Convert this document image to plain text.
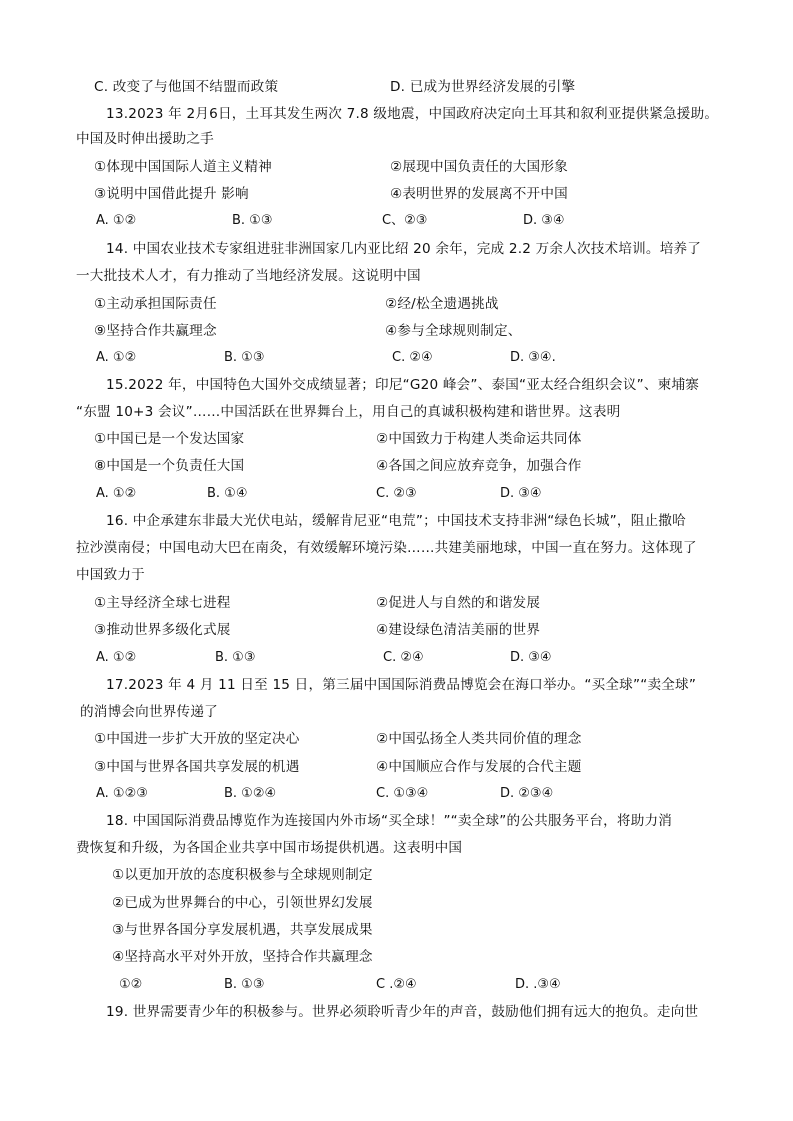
C. 改变了与他国不结盟而政策	D. 已成为世界经济发展的引擎
13.2023 年 2月6日，土耳其发生两次 7.8 级地震，中国政府决定向土耳其和叙利亚提供紧急援助。
中国及时伸出援助之手
①体现中国国际人道主义精神	②展现中国负责任的大国形象
③说明中国借此提升 影响	④表明世界的发展离不开中国
A. ①②	B. ①③	C、②③	D. ③④
14. 中国农业技术专家组进驻非洲国家几内亚比绍 20 余年，完成 2.2 万余人次技术培训。培养了
一大批技术人才，有力推动了当地经济发展。这说明中国
①主动承担国际责任	②经/松全遗遇挑战
⑨坚持合作共赢理念	④参与全球规则制定、
A. ①②	B. ①③	C. ②④	D. ③④.
15.2022 年，中国特色大国外交成绩显著；印尼“G20 峰会”、泰国“亚太经合组织会议”、柬埔寨
“东盟 10+3 会议”……中国活跃在世界舞台上，用自己的真诚积极构建和谐世界。这表明
①中国已是一个发达国家	②中国致力于构建人类命运共同体
⑧中国是一个负责任大国	④各国之间应放弃竞争，加强合作
A. ①②	B. ①④	C. ②③	D. ③④
16. 中企承建东非最大光伏电站，缓解肯尼亚“电荒”；中国技术支持非洲“绿色长城”，阻止撒哈
拉沙漠南侵；中国电动大巴在南灸，有效缓解环境污染……共建美丽地球，中国一直在努力。这体现了
中国致力于
①主导经济全球七进程	②促进人与自然的和谐发展
③推动世界多级化式展	④建设绿色清洁美丽的世界
A. ①②	B. ①③	C. ②④	D. ③④
17.2023 年 4 月 11 日至 15 日，第三届中国国际消费品博览会在海口举办。“买全球”“卖全球”
的消博会向世界传递了
①中国进一步扩大开放的坚定决心	②中国弘扬全人类共同价值的理念
③中国与世界各国共享发展的机遇	④中国顺应合作与发展的合代主题
A. ①②③	B. ①②④	C. ①③④	D. ②③④
18. 中国国际消费品博览作为连接国内外市场“买全球！”“卖全球”的公共服务平台，将助力消
费恢复和升级，为各国企业共享中国市场提供机遇。这表明中国
①以更加开放的态度积极参与全球规则制定
②已成为世界舞台的中心，引领世界幻发展
③与世界各国分享发展机遇，共享发展成果
④坚持高水平对外开放，坚持合作共赢理念
①②	B. ①③	C .②④	D. .③④
19. 世界需要青少年的积极参与。世界必须聆听青少年的声音，鼓励他们拥有远大的抱负。走向世
